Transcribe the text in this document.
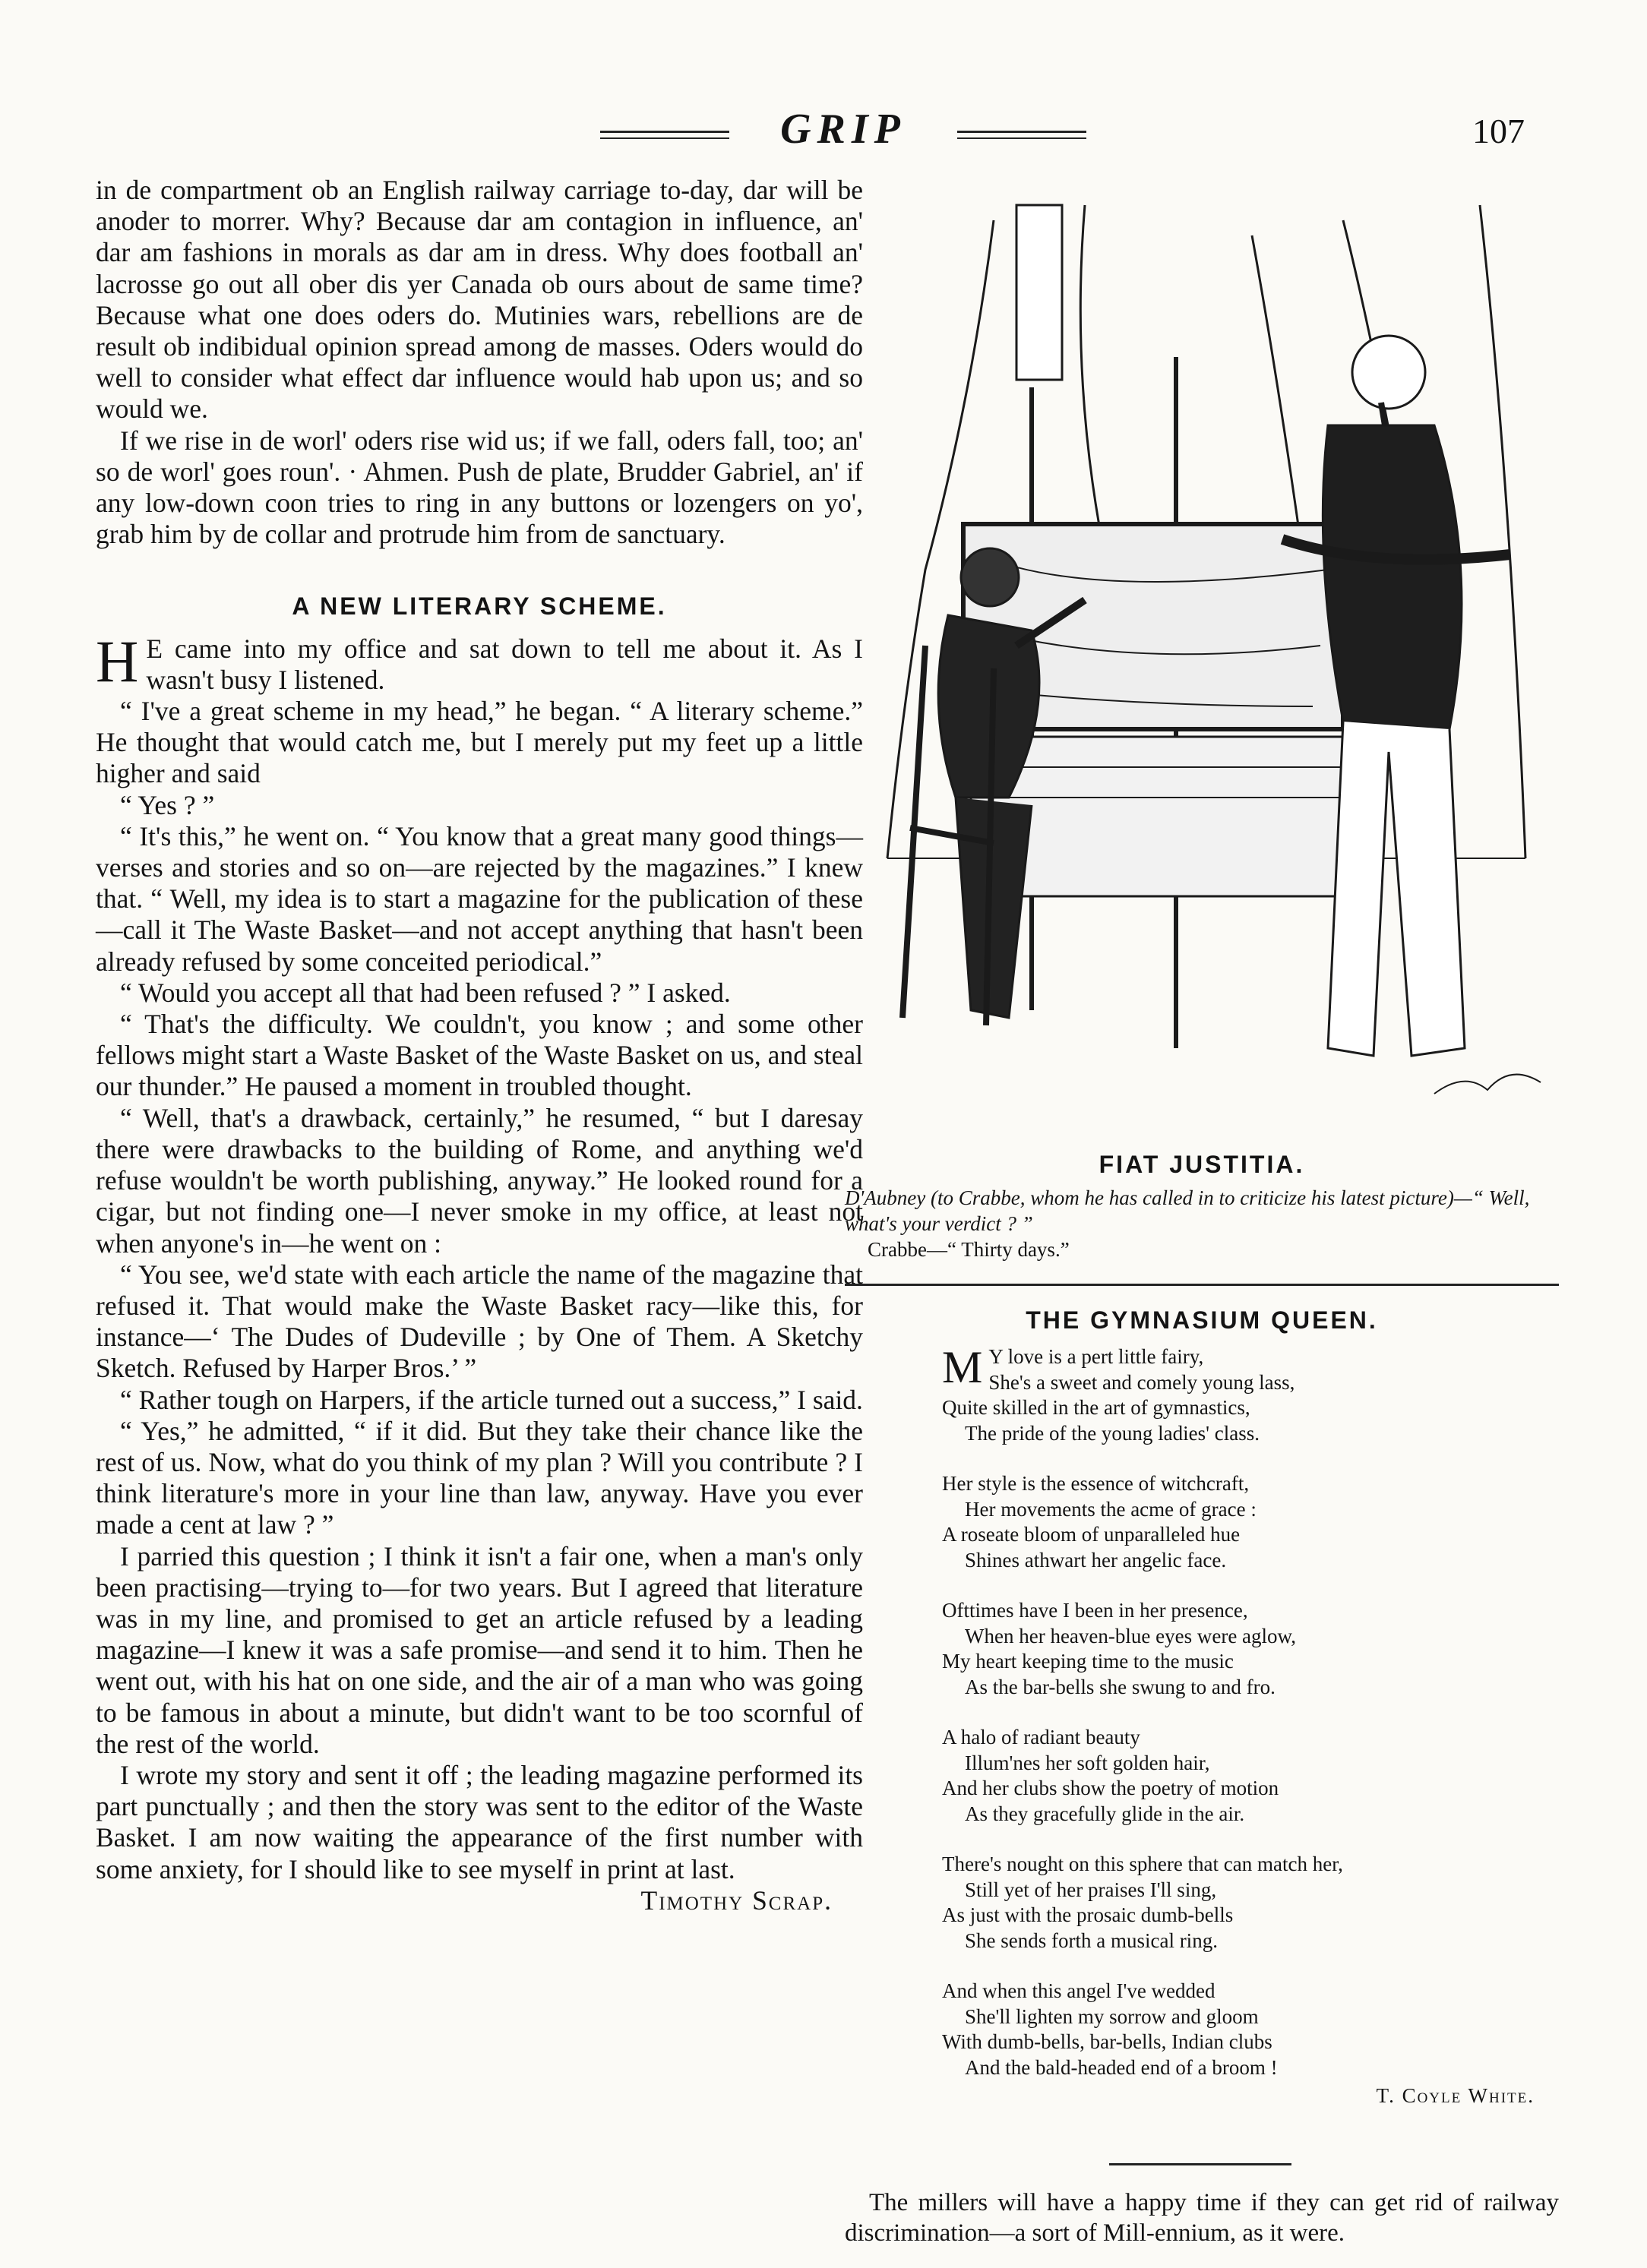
GRIP	107

in de compartment ob an English railway carriage to-day, dar will be anoder to morrer. Why? Because dar am contagion in influence, an' dar am fashions in morals as dar am in dress. Why does football an' lacrosse go out all ober dis yer Canada ob ours about de same time? Because what one does oders do. Mutinies wars, rebellions are de result ob indibidual opinion spread among de masses. Oders would do well to consider what effect dar influence would hab upon us; and so would we.

If we rise in de worl' oders rise wid us; if we fall, oders fall, too; an' so de worl' goes roun'. · Ahmen. Push de plate, Brudder Gabriel, an' if any low-down coon tries to ring in any buttons or lozengers on yo', grab him by de collar and protrude him from de sanctuary.

A NEW LITERARY SCHEME.

H E came into my office and sat down to tell me about it. As I wasn't busy I listened.

“ I've a great scheme in my head,” he began. “ A literary scheme.” He thought that would catch me, but I merely put my feet up a little higher and said

“ Yes ? ”

“ It's this,” he went on. “ You know that a great many good things—verses and stories and so on—are rejected by the magazines.” I knew that. “ Well, my idea is to start a magazine for the publication of these—call it The Waste Basket—and not accept anything that hasn't been already refused by some conceited periodical.”

“ Would you accept all that had been refused ? ” I asked.

“ That's the difficulty. We couldn't, you know ; and some other fellows might start a Waste Basket of the Waste Basket on us, and steal our thunder.” He paused a moment in troubled thought.

“ Well, that's a drawback, certainly,” he resumed, “ but I daresay there were drawbacks to the building of Rome, and anything we'd refuse wouldn't be worth publishing, anyway.” He looked round for a cigar, but not finding one—I never smoke in my office, at least not when anyone's in—he went on :

“ You see, we'd state with each article the name of the magazine that refused it. That would make the Waste Basket racy—like this, for instance—‘ The Dudes of Dudeville ; by One of Them. A Sketchy Sketch. Refused by Harper Bros.’ ”

“ Rather tough on Harpers, if the article turned out a success,” I said.

“ Yes,” he admitted, “ if it did. But they take their chance like the rest of us. Now, what do you think of my plan ? Will you contribute ? I think literature's more in your line than law, anyway. Have you ever made a cent at law ? ”

I parried this question ; I think it isn't a fair one, when a man's only been practising—trying to—for two years. But I agreed that literature was in my line, and promised to get an article refused by a leading magazine—I knew it was a safe promise—and send it to him. Then he went out, with his hat on one side, and the air of a man who was going to be famous in about a minute, but didn't want to be too scornful of the rest of the world.

I wrote my story and sent it off ; the leading magazine performed its part punctually ; and then the story was sent to the editor of the Waste Basket. I am now waiting the appearance of the first number with some anxiety, for I should like to see myself in print at last.

Timothy Scrap.
FIAT JUSTITIA.
D'Aubney (to Crabbe, whom he has called in to criticize his latest picture)—“ Well, what's your verdict ? ”
Crabbe—“ Thirty days.”
THE GYMNASIUM QUEEN.
M Y love is a pert little fairy,
She's a sweet and comely young lass,
Quite skilled in the art of gymnastics,
The pride of the young ladies' class.
Her style is the essence of witchcraft,
Her movements the acme of grace :
A roseate bloom of unparalleled hue
Shines athwart her angelic face.
Ofttimes have I been in her presence,
When her heaven-blue eyes were aglow,
My heart keeping time to the music
As the bar-bells she swung to and fro.
A halo of radiant beauty
Illum'nes her soft golden hair,
And her clubs show the poetry of motion
As they gracefully glide in the air.
There's nought on this sphere that can match her,
Still yet of her praises I'll sing,
As just with the prosaic dumb-bells
She sends forth a musical ring.
And when this angel I've wedded
She'll lighten my sorrow and gloom
With dumb-bells, bar-bells, Indian clubs
And the bald-headed end of a broom !
T. Coyle White.

The millers will have a happy time if they can get rid of railway discrimination—a sort of Mill-ennium, as it were.
